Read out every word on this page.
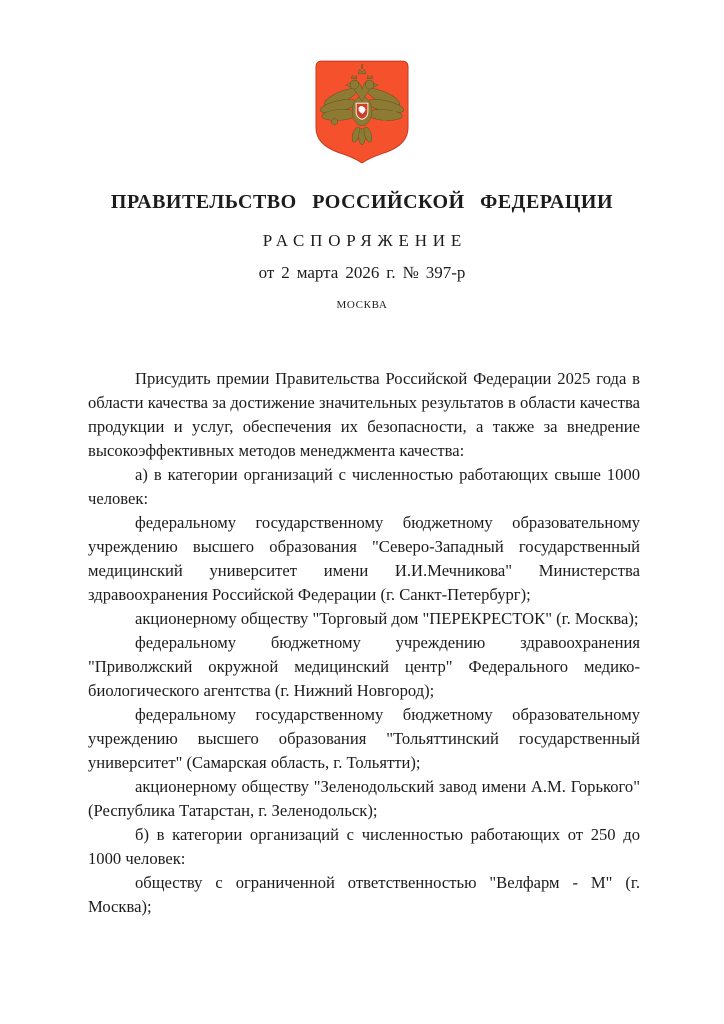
ПРАВИТЕЛЬСТВО РОССИЙСКОЙ ФЕДЕРАЦИИ
РАСПОРЯЖЕНИЕ
от 2 марта 2026 г. № 397-р
МОСКВА

Присудить премии Правительства Российской Федерации 2025 года в области качества за достижение значительных результатов в области качества продукции и услуг, обеспечения их безопасности, а также за внедрение высокоэффективных методов менеджмента качества:

а) в категории организаций с численностью работающих свыше 1000 человек:

федеральному государственному бюджетному образовательному учреждению высшего образования "Северо-Западный государственный медицинский университет имени И.И.Мечникова" Министерства здравоохранения Российской Федерации (г. Санкт-Петербург);

акционерному обществу "Торговый дом "ПЕРЕКРЕСТОК" (г. Москва);

федеральному бюджетному учреждению здравоохранения "Приволжский окружной медицинский центр" Федерального медико-биологического агентства (г. Нижний Новгород);

федеральному государственному бюджетному образовательному учреждению высшего образования "Тольяттинский государственный университет" (Самарская область, г. Тольятти);

акционерному обществу "Зеленодольский завод имени А.М. Горького" (Республика Татарстан, г. Зеленодольск);

б) в категории организаций с численностью работающих от 250 до 1000 человек:

обществу с ограниченной ответственностью "Велфарм - М" (г. Москва);
